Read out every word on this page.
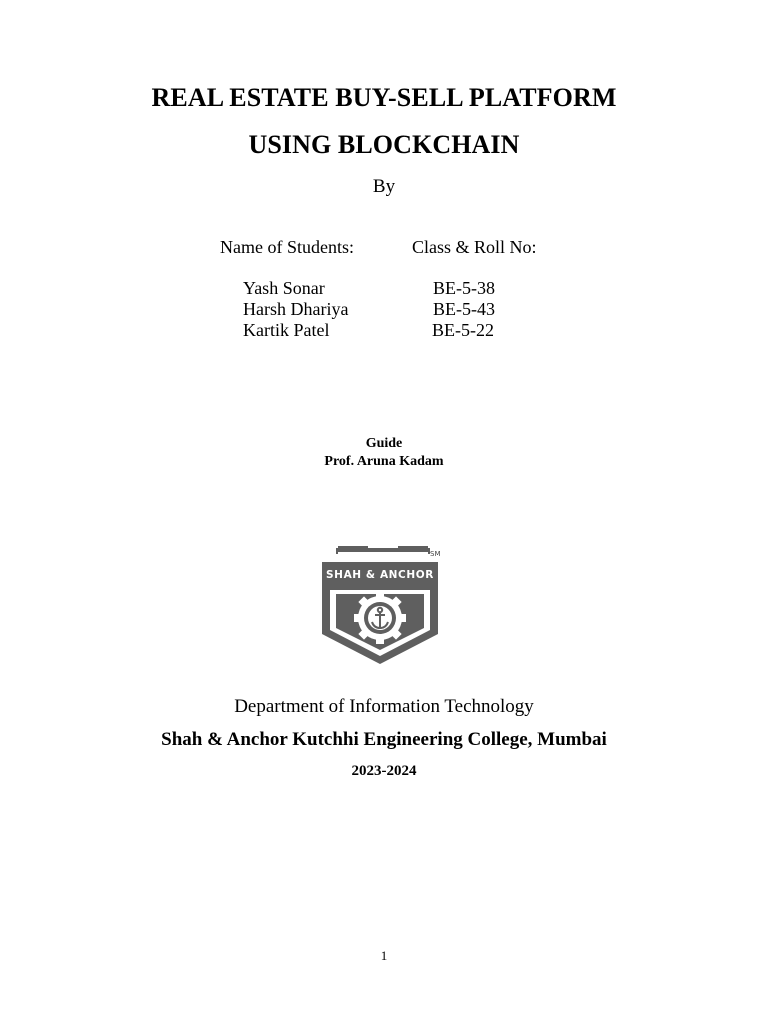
REAL ESTATE BUY-SELL PLATFORM
USING BLOCKCHAIN
By
Name of Students:	Class & Roll No:
Yash Sonar	BE-5-38
Harsh Dhariya	BE-5-43
Kartik Patel	BE-5-22
Guide
Prof. Aruna Kadam
SHAH & ANCHOR
SM
Department of Information Technology
Shah & Anchor Kutchhi Engineering College, Mumbai
2023-2024
1
